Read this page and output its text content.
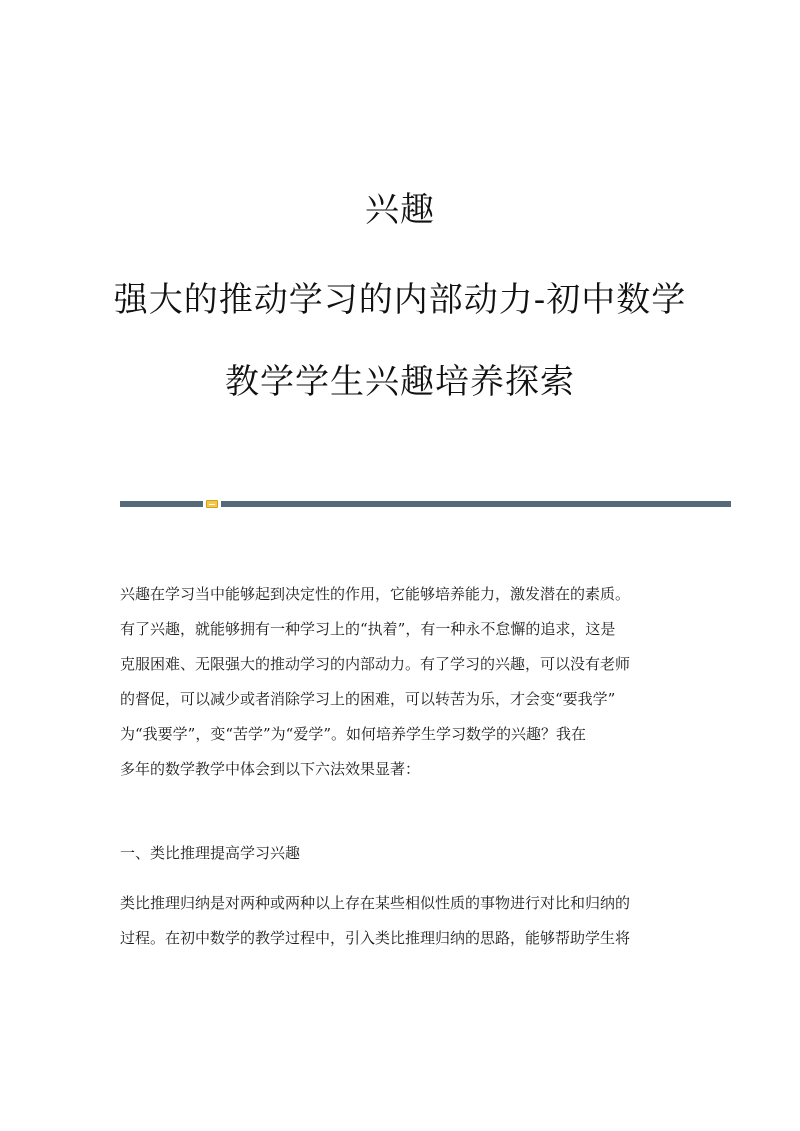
兴趣
强大的推动学习的内部动力-初中数学
教学学生兴趣培养探索
兴趣在学习当中能够起到决定性的作用，它能够培养能力，激发潜在的素质。
有了兴趣，就能够拥有一种学习上的“执着”，有一种永不怠懈的追求，这是
克服困难、无限强大的推动学习的内部动力。有了学习的兴趣，可以没有老师
的督促，可以减少或者消除学习上的困难，可以转苦为乐，才会变“要我学”
为“我要学”，变“苦学”为“爱学”。如何培养学生学习数学的兴趣？我在
多年的数学教学中体会到以下六法效果显著：
一、类比推理提高学习兴趣
类比推理归纳是对两种或两种以上存在某些相似性质的事物进行对比和归纳的
过程。在初中数学的教学过程中，引入类比推理归纳的思路，能够帮助学生将
